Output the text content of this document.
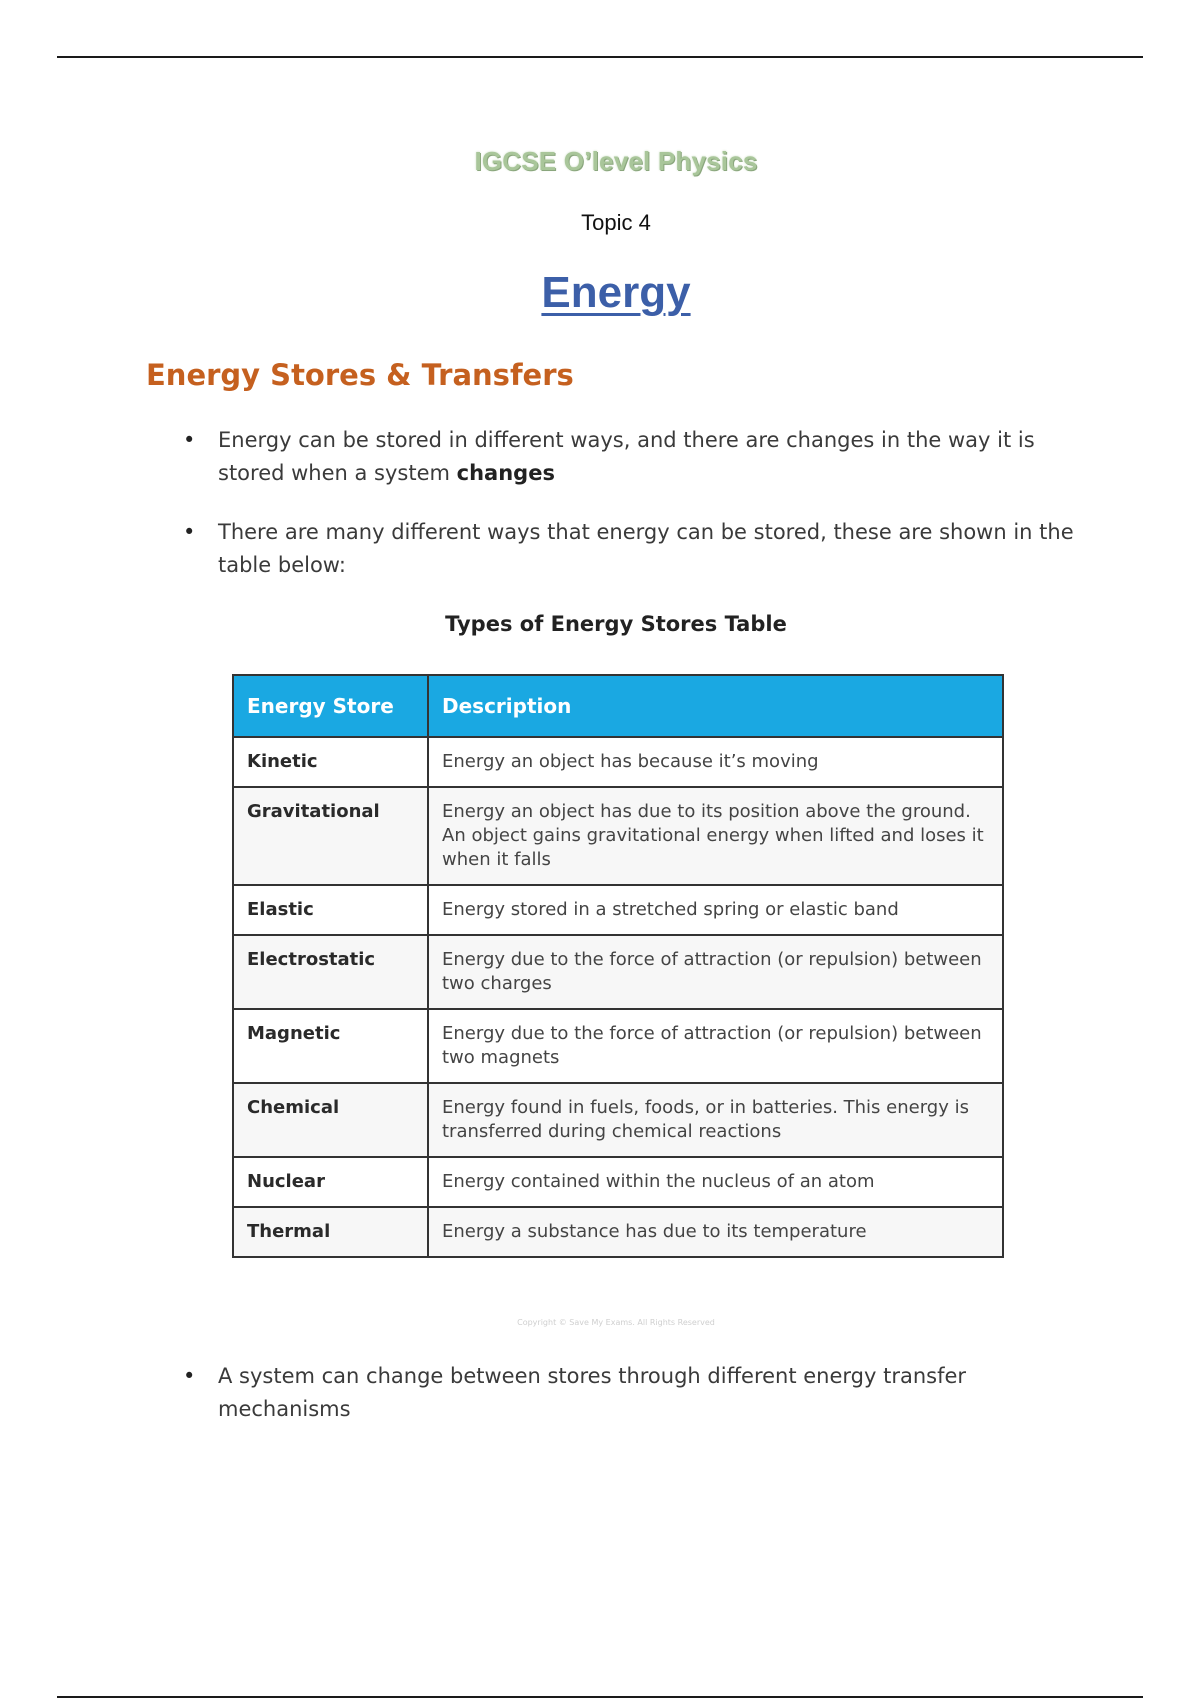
IGCSE O’level Physics
Topic 4
Energy
Energy Stores & Transfers
•	Energy can be stored in different ways, and there are changes in the way it is stored when a system changes
•	There are many different ways that energy can be stored, these are shown in the table below:
Types of Energy Stores Table
Energy Store	Description
Kinetic	Energy an object has because it’s moving
Gravitational	Energy an object has due to its position above the ground. An object gains gravitational energy when lifted and loses it when it falls
Elastic	Energy stored in a stretched spring or elastic band
Electrostatic	Energy due to the force of attraction (or repulsion) between two charges
Magnetic	Energy due to the force of attraction (or repulsion) between two magnets
Chemical	Energy found in fuels, foods, or in batteries. This energy is transferred during chemical reactions
Nuclear	Energy contained within the nucleus of an atom
Thermal	Energy a substance has due to its temperature
Copyright © Save My Exams. All Rights Reserved
•	A system can change between stores through different energy transfer mechanisms
